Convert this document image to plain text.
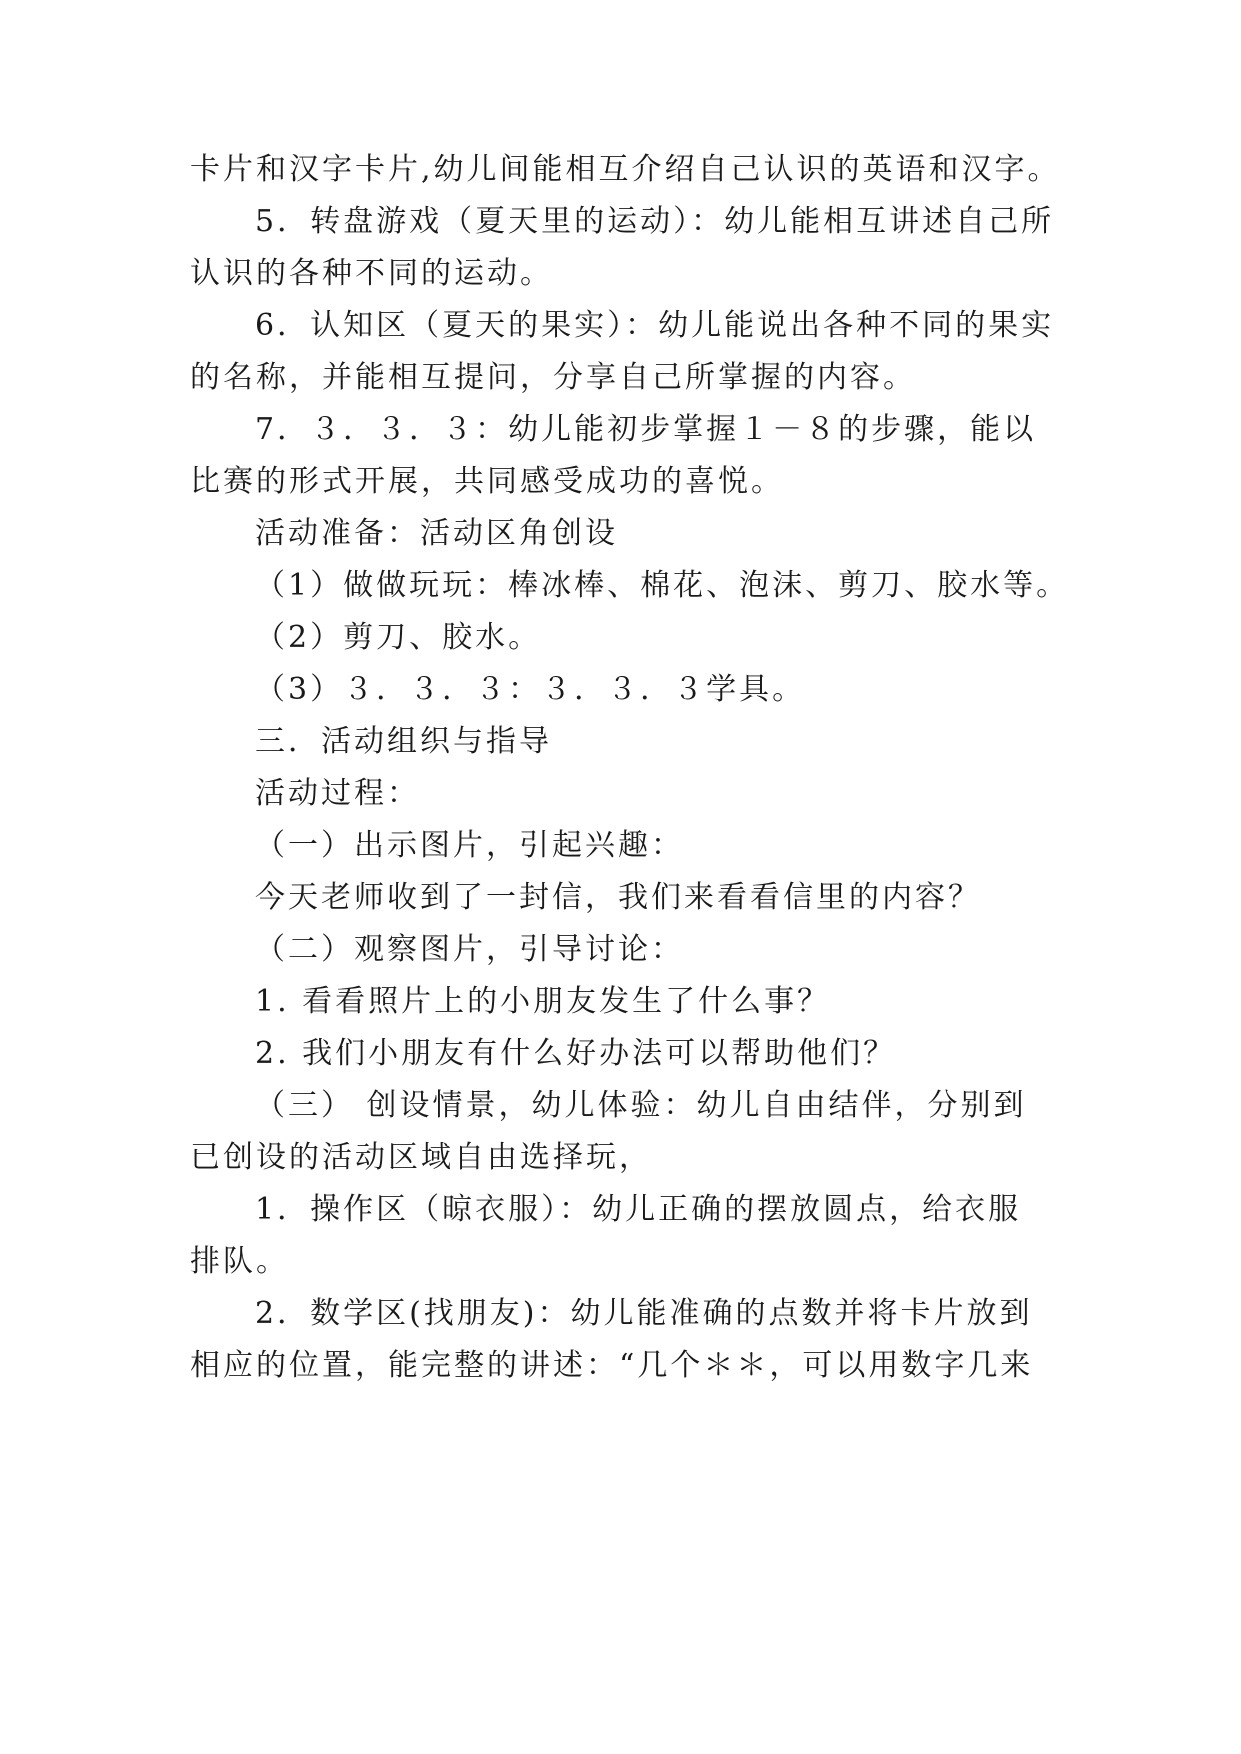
卡片和汉字卡片,幼儿间能相互介绍自己认识的英语和汉字。
5．转盘游戏（夏天里的运动）：幼儿能相互讲述自己所
认识的各种不同的运动。
6．认知区（夏天的果实）：幼儿能说出各种不同的果实
的名称，并能相互提问，分享自己所掌握的内容。
7．３．３．３：幼儿能初步掌握１－８的步骤，能以
比赛的形式开展，共同感受成功的喜悦。
活动准备：活动区角创设
（1）做做玩玩：棒冰棒、棉花、泡沫、剪刀、胶水等。
（2）剪刀、胶水。
（3）３．３．３：３．３．３学具。
三．活动组织与指导
活动过程：
（一）出示图片，引起兴趣：
今天老师收到了一封信，我们来看看信里的内容？
（二）观察图片，引导讨论：
1. 看看照片上的小朋友发生了什么事？
2. 我们小朋友有什么好办法可以帮助他们？
（三） 创设情景，幼儿体验：幼儿自由结伴，分别到
已创设的活动区域自由选择玩，
1．操作区（晾衣服）：幼儿正确的摆放圆点，给衣服
排队。
2．数学区(找朋友)：幼儿能准确的点数并将卡片放到
相应的位置，能完整的讲述：“几个＊＊，可以用数字几来
